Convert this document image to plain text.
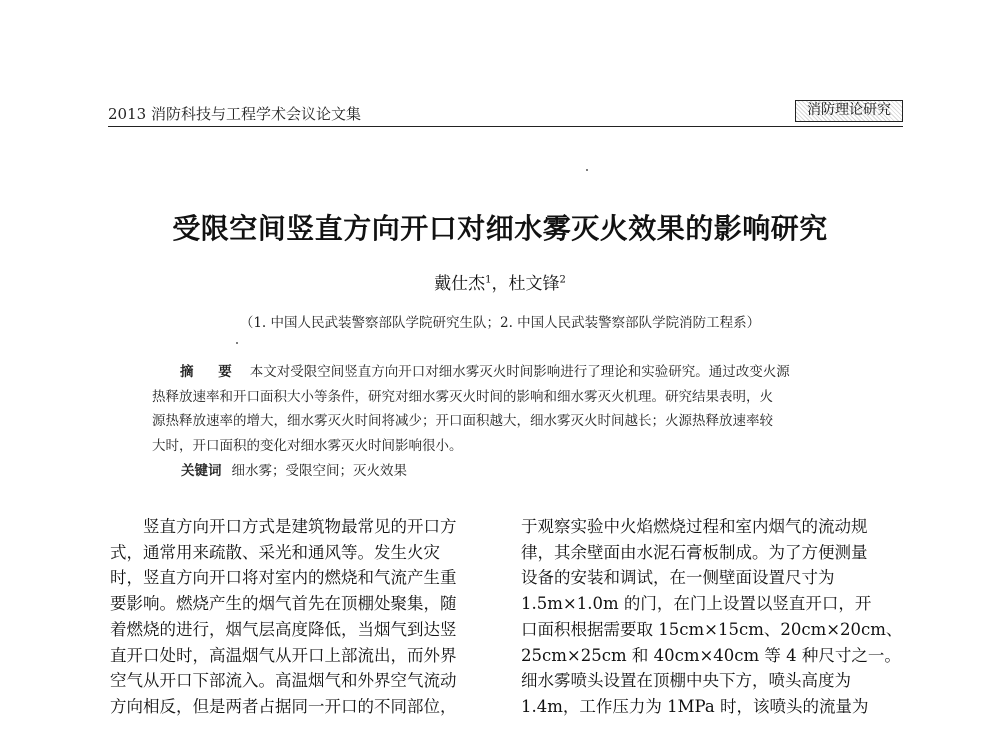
2013 消防科技与工程学术会议论文集	消防理论研究
受限空间竖直方向开口对细水雾灭火效果的影响研究
戴仕杰$^1$，杜文锋$^2$
（1. 中国人民武装警察部队学院研究生队；2. 中国人民武装警察部队学院消防工程系）
摘 要 本文对受限空间竖直方向开口对细水雾灭火时间影响进行了理论和实验研究。通过改变火源
热释放速率和开口面积大小等条件，研究对细水雾灭火时间的影响和细水雾灭火机理。研究结果表明，火
源热释放速率的增大，细水雾灭火时间将减少；开口面积越大，细水雾灭火时间越长；火源热释放速率较
大时，开口面积的变化对细水雾灭火时间影响很小。
关键词 细水雾；受限空间；灭火效果
　　竖直方向开口方式是建筑物最常见的开口方
式，通常用来疏散、采光和通风等。发生火灾
时，竖直方向开口将对室内的燃烧和气流产生重
要影响。燃烧产生的烟气首先在顶棚处聚集，随
着燃烧的进行，烟气层高度降低，当烟气到达竖
直开口处时，高温烟气从开口上部流出，而外界
空气从开口下部流入。高温烟气和外界空气流动
方向相反，但是两者占据同一开口的不同部位，
于观察实验中火焰燃烧过程和室内烟气的流动规
律，其余壁面由水泥石膏板制成。为了方便测量
设备的安装和调试，在一侧壁面设置尺寸为
1.5m×1.0m 的门，在门上设置以竖直开口，开
口面积根据需要取 15cm×15cm、20cm×20cm、
25cm×25cm 和 40cm×40cm 等 4 种尺寸之一。
细水雾喷头设置在顶棚中央下方，喷头高度为
1.4m，工作压力为 1MPa 时，该喷头的流量为
